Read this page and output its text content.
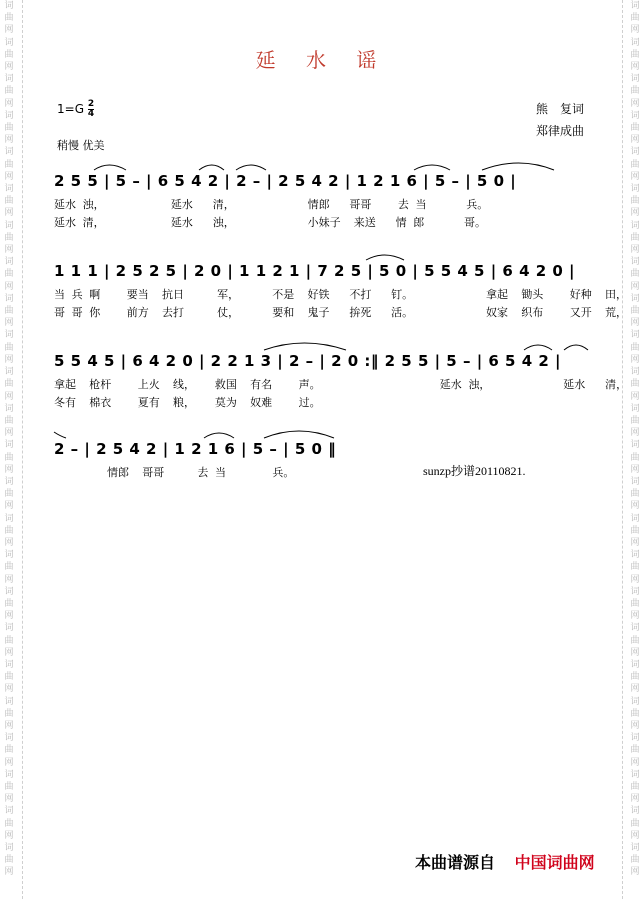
词曲网词曲网词曲网词曲网词曲网词曲网词曲网词曲网词曲网词曲网词曲网词曲网词曲网词曲网词曲网词曲网词曲网词曲网词曲网词曲网词曲网词曲网词曲网词曲网
词曲网词曲网词曲网词曲网词曲网词曲网词曲网词曲网词曲网词曲网词曲网词曲网词曲网词曲网词曲网词曲网词曲网词曲网词曲网词曲网词曲网词曲网词曲网词曲网
延 水 谣
$1=G \frac{2}{4}$	熊　复词
郑律成曲
稍慢 优美
2 5 5 | 5 – | 6 5 4 2 | 2 – | 2 5 4 2 | 1 2 1 6 | 5 – | 5 0 |
延水 浊，          延水   清，           情郎   哥哥    去 当      兵。
延水 清，          延水   浊，           小妹子  来送   情 郎      哥。
1 1 1 | 2 5 2 5 | 2 0 | 1 1 2 1 | 7 2 5 | 5 0 | 5 5 4 5 | 6 4 2 0 |
当 兵 啊    要当  抗日     军，     不是  好铁   不打   钉。           拿起  锄头    好种  田，
哥 哥 你    前方  去打     仗，     要和  鬼子   拚死   活。           奴家  织布    又开  荒，
5 5 4 5 | 6 4 2 0 | 2 2 1 3 | 2 – | 2 0 :‖ 2 5 5 | 5 – | 6 5 4 2 |
拿起  枪杆    上火  线，   救国  有名    声。                  延水 浊，           延水   清，
冬有  棉衣    夏有  粮，   莫为  奴难    过。
2 – | 2 5 4 2 | 1 2 1 6 | 5 – | 5 0 ‖
情郎  哥哥     去 当       兵。	sunzp抄谱20110821.
本曲谱源自 中国词曲网
